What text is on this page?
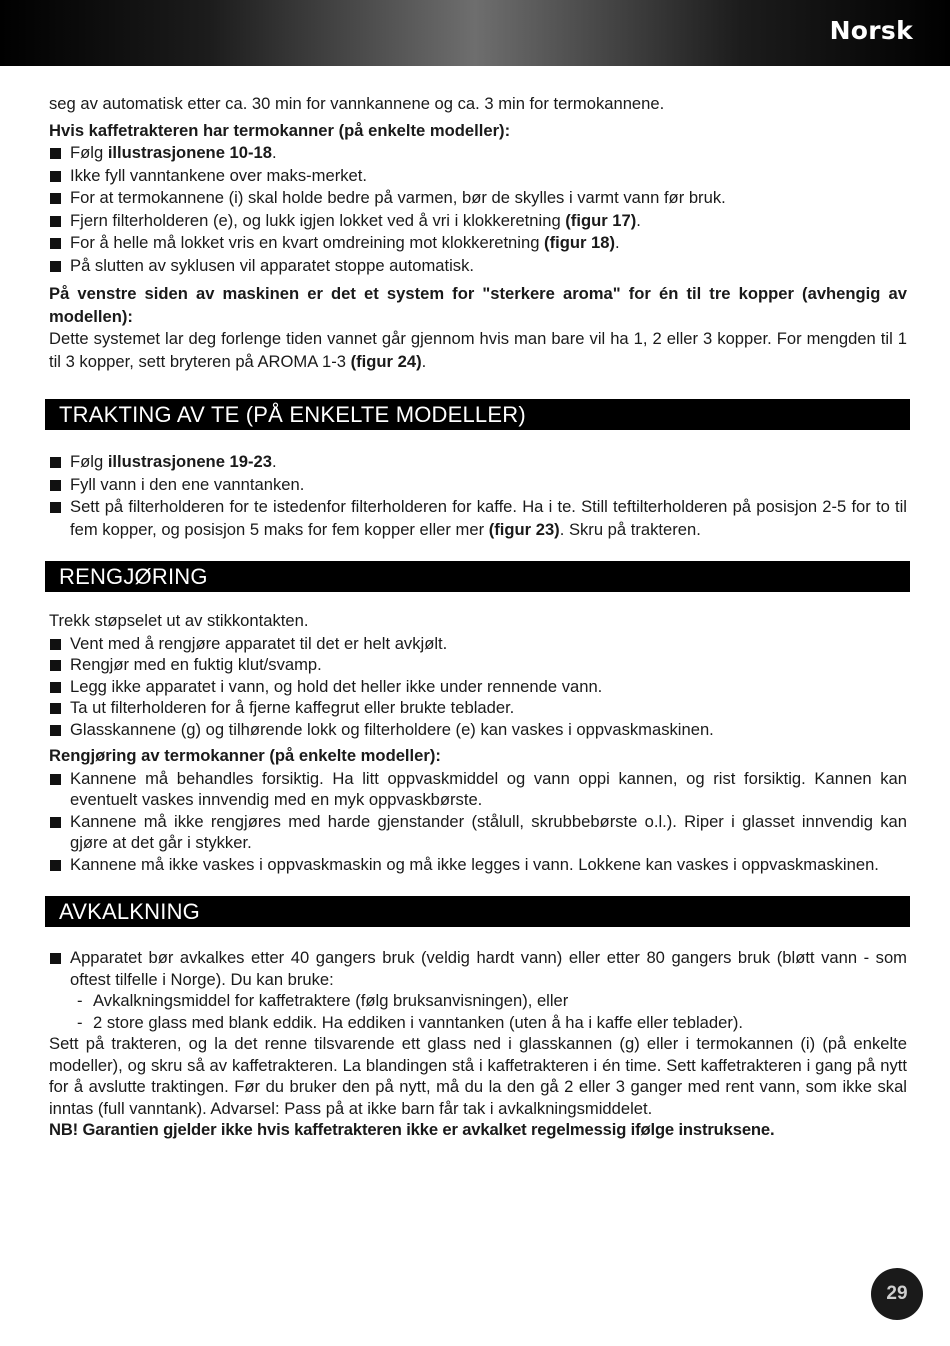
Norsk

seg av automatisk etter ca. 30 min for vannkannene og ca. 3 min for termokannene.

Hvis kaffetrakteren har termokanner (på enkelte modeller):

Følg illustrasjonene 10-18.
Ikke fyll vanntankene over maks-merket.
For at termokannene (i) skal holde bedre på varmen, bør de skylles i varmt vann før bruk.
Fjern filterholderen (e), og lukk igjen lokket ved å vri i klokkeretning (figur 17).
For å helle må lokket vris en kvart omdreining mot klokkeretning (figur 18).
På slutten av syklusen vil apparatet stoppe automatisk.

På venstre siden av maskinen er det et system for "sterkere aroma" for én til tre kopper (avhengig av modellen):

Dette systemet lar deg forlenge tiden vannet går gjennom hvis man bare vil ha 1, 2 eller 3 kopper. For mengden til 1 til 3 kopper, sett bryteren på AROMA 1-3 (figur 24).

TRAKTING AV TE (PÅ ENKELTE MODELLER)
Følg illustrasjonene 19-23.
Fyll vann i den ene vanntanken.
Sett på filterholderen for te istedenfor filterholderen for kaffe. Ha i te. Still teftilterholderen på posisjon 2-5 for to til fem kopper, og posisjon 5 maks for fem kopper eller mer (figur 23). Skru på trakteren.
RENGJØRING

Trekk støpselet ut av stikkontakten.

Vent med å rengjøre apparatet til det er helt avkjølt.
Rengjør med en fuktig klut/svamp.
Legg ikke apparatet i vann, og hold det heller ikke under rennende vann.
Ta ut filterholderen for å fjerne kaffegrut eller brukte teblader.
Glasskannene (g) og tilhørende lokk og filterholdere (e) kan vaskes i oppvaskmaskinen.

Rengjøring av termokanner (på enkelte modeller):

Kannene må behandles forsiktig. Ha litt oppvaskmiddel og vann oppi kannen, og rist forsiktig. Kannen kan eventuelt vaskes innvendig med en myk oppvaskbørste.
Kannene må ikke rengjøres med harde gjenstander (stålull, skrubbebørste o.l.). Riper i glasset innvendig kan gjøre at det går i stykker.
Kannene må ikke vaskes i oppvaskmaskin og må ikke legges i vann. Lokkene kan vaskes i oppvaskmaskinen.
AVKALKNING
Apparatet bør avkalkes etter 40 gangers bruk (veldig hardt vann) eller etter 80 gangers bruk (bløtt vann - som oftest tilfelle i Norge). Du kan bruke:
- Avkalkningsmiddel for kaffetraktere (følg bruksanvisningen), eller
- 2 store glass med blank eddik. Ha eddiken i vanntanken (uten å ha i kaffe eller teblader).

Sett på trakteren, og la det renne tilsvarende ett glass ned i glasskannen (g) eller i termokannen (i) (på enkelte modeller), og skru så av kaffetrakteren. La blandingen stå i kaffetrakteren i én time. Sett kaffetrakteren i gang på nytt for å avslutte traktingen. Før du bruker den på nytt, må du la den gå 2 eller 3 ganger med rent vann, som ikke skal inntas (full vanntank). Advarsel: Pass på at ikke barn får tak i avkalkningsmiddelet.

NB! Garantien gjelder ikke hvis kaffetrakteren ikke er avkalket regelmessig ifølge instruksene.

29
